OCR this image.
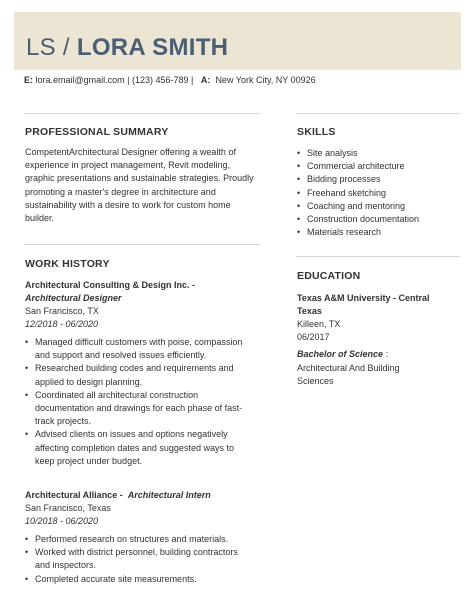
LS / LORA SMITH
E: lora.email@gmail.com | (123) 456-789 | A: New York City, NY 00926
PROFESSIONAL SUMMARY
CompetentArchitectural Designer offering a wealth of experience in project management, Revit modeling, graphic presentations and sustainable strategies. Proudly promoting a master's degree in architecture and sustainability with a desire to work for custom home builder.
WORK HISTORY
Architectural Consulting & Design Inc. -
Architectural Designer
San Francisco, TX
12/2018 - 06/2020
• Managed difficult customers with poise, compassion and support and resolved issues efficiently.
• Researched building codes and requirements and applied to design planning.
• Coordinated all architectural construction documentation and drawings for each phase of fast-track projects.
• Advised clients on issues and options negatively affecting completion dates and suggested ways to keep project under budget.
Architectural Alliance - Architectural Intern
San Francisco, Texas
10/2018 - 06/2020
• Performed research on structures and materials.
• Worked with district personnel, building contractors and inspectors.
• Completed accurate site measurements.
SKILLS
• Site analysis
• Commercial architecture
• Bidding processes
• Freehand sketching
• Coaching and mentoring
• Construction documentation
• Materials research
EDUCATION
Texas A&M University - Central Texas
Killeen, TX
06/2017
Bachelor of Science :
Architectural And Building Sciences
